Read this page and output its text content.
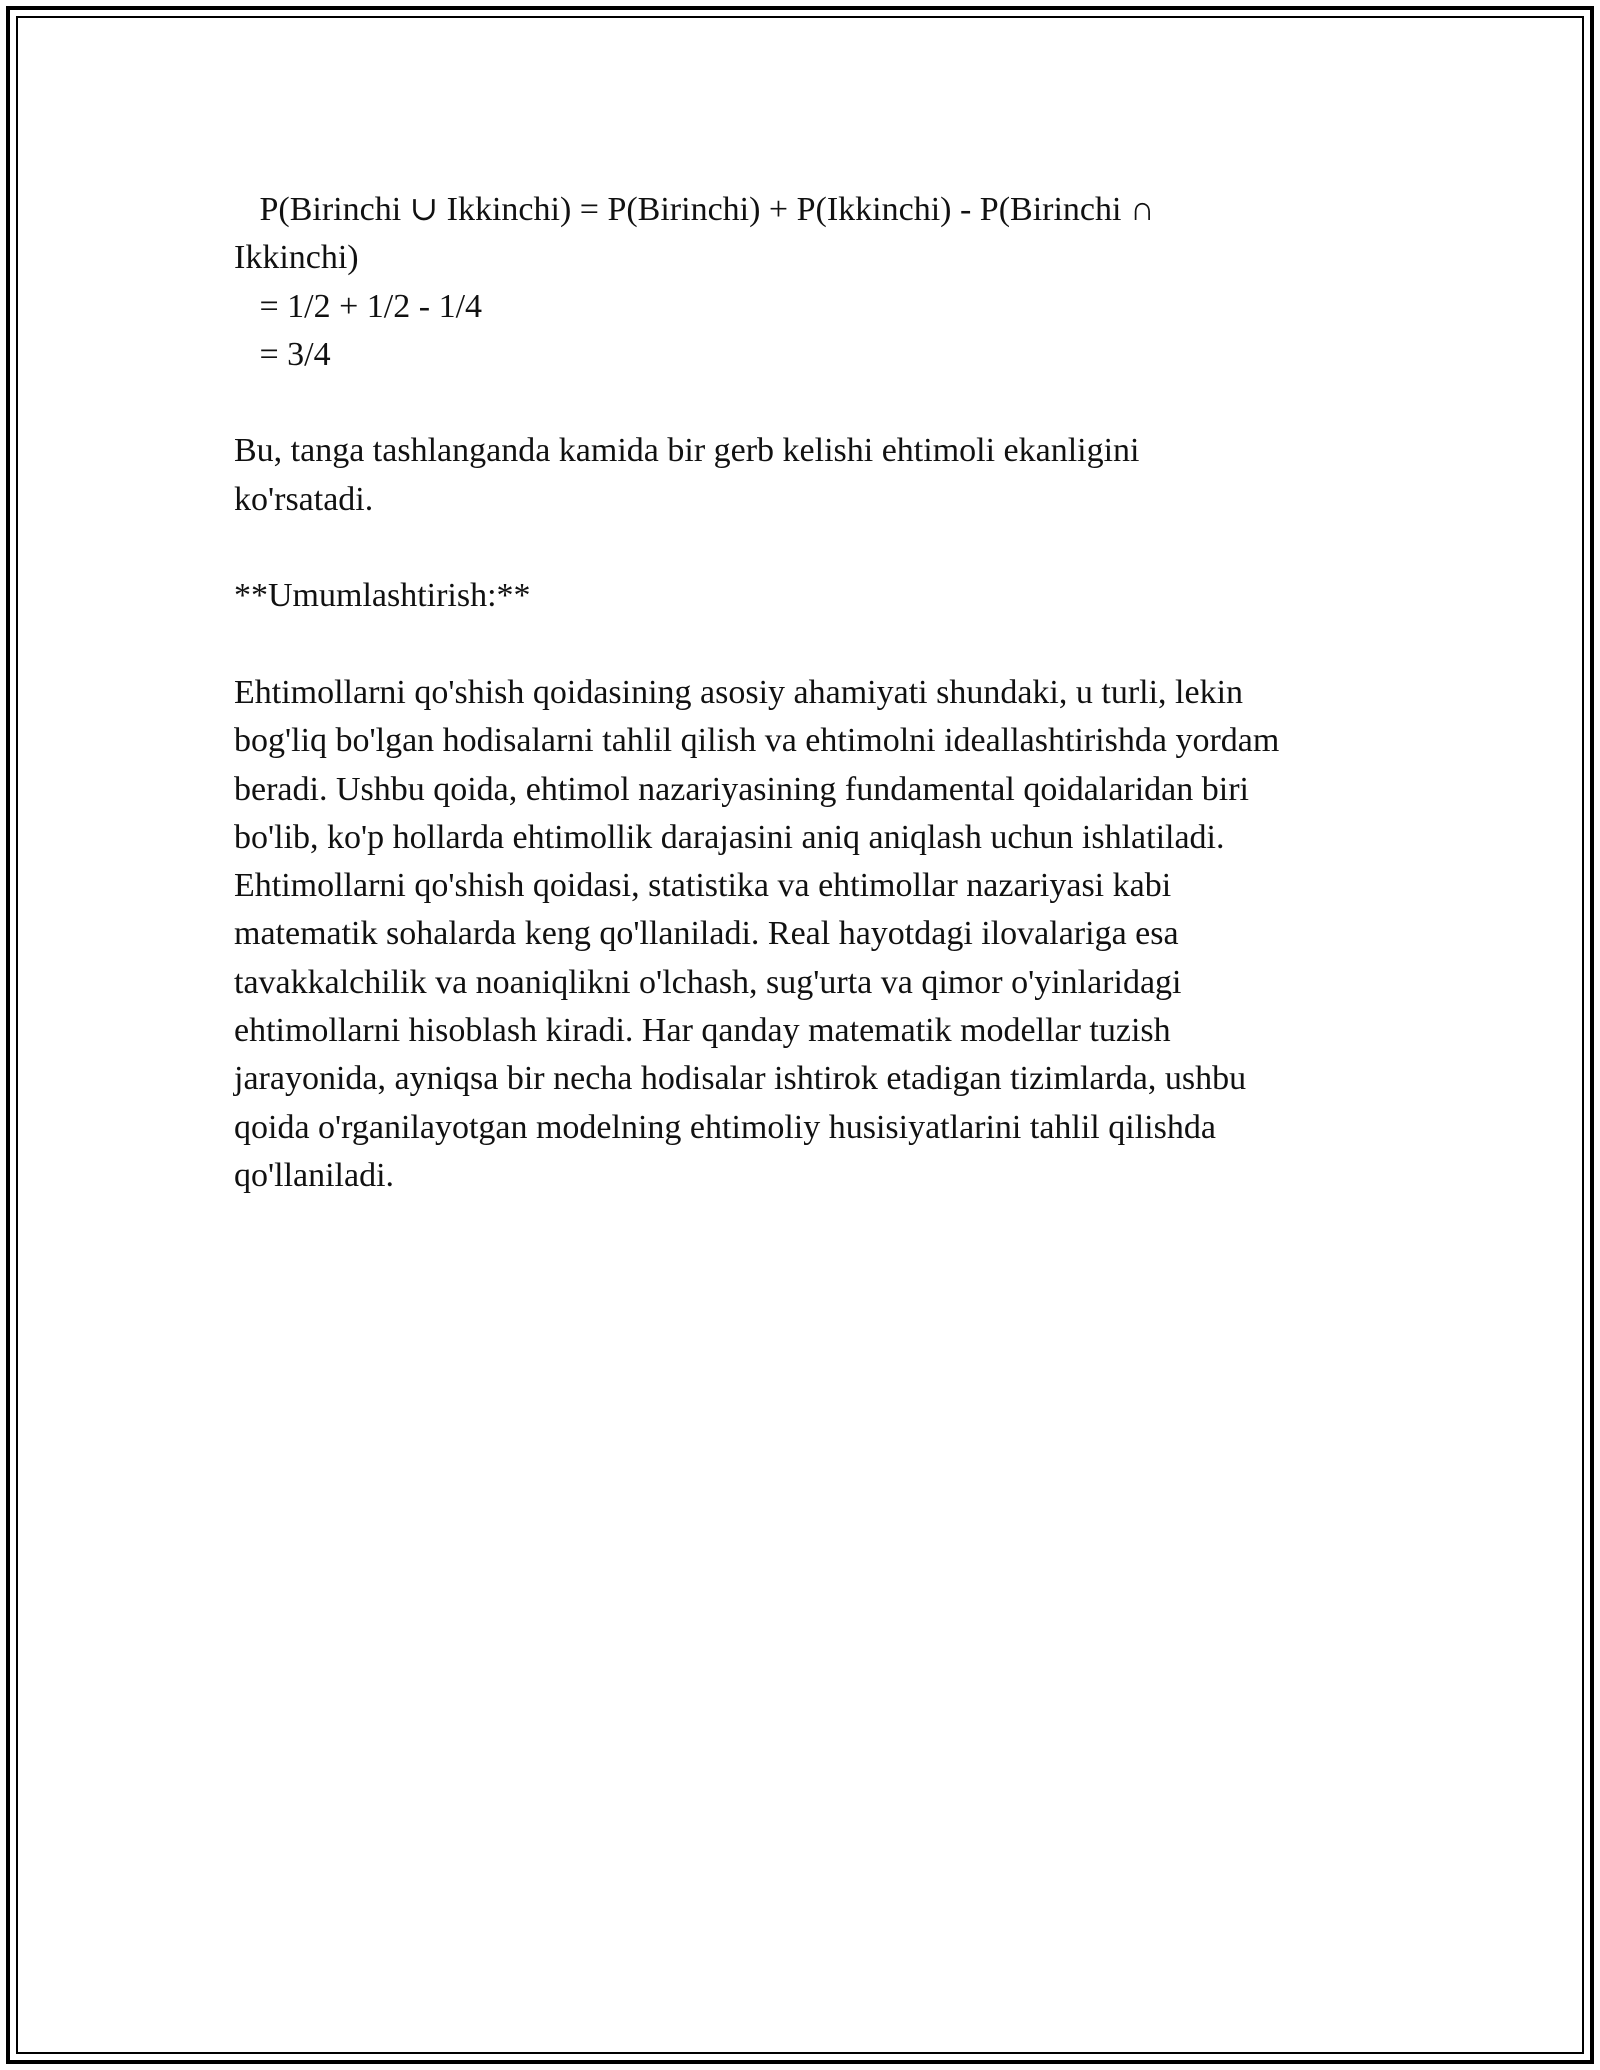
P(Birinchi ∪ Ikkinchi) = P(Birinchi) + P(Ikkinchi) - P(Birinchi ∩
Ikkinchi)
= 1/2 + 1/2 - 1/4
= 3/4
Bu, tanga tashlanganda kamida bir gerb kelishi ehtimoli ekanligini
ko'rsatadi.
**Umumlashtirish:**
Ehtimollarni qo'shish qoidasining asosiy ahamiyati shundaki, u turli, lekin
bog'liq bo'lgan hodisalarni tahlil qilish va ehtimolni ideallashtirishda yordam
beradi. Ushbu qoida, ehtimol nazariyasining fundamental qoidalaridan biri
bo'lib, ko'p hollarda ehtimollik darajasini aniq aniqlash uchun ishlatiladi.
Ehtimollarni qo'shish qoidasi, statistika va ehtimollar nazariyasi kabi
matematik sohalarda keng qo'llaniladi. Real hayotdagi ilovalariga esa
tavakkalchilik va noaniqlikni o'lchash, sug'urta va qimor o'yinlaridagi
ehtimollarni hisoblash kiradi. Har qanday matematik modellar tuzish
jarayonida, ayniqsa bir necha hodisalar ishtirok etadigan tizimlarda, ushbu
qoida o'rganilayotgan modelning ehtimoliy husisiyatlarini tahlil qilishda
qo'llaniladi.
